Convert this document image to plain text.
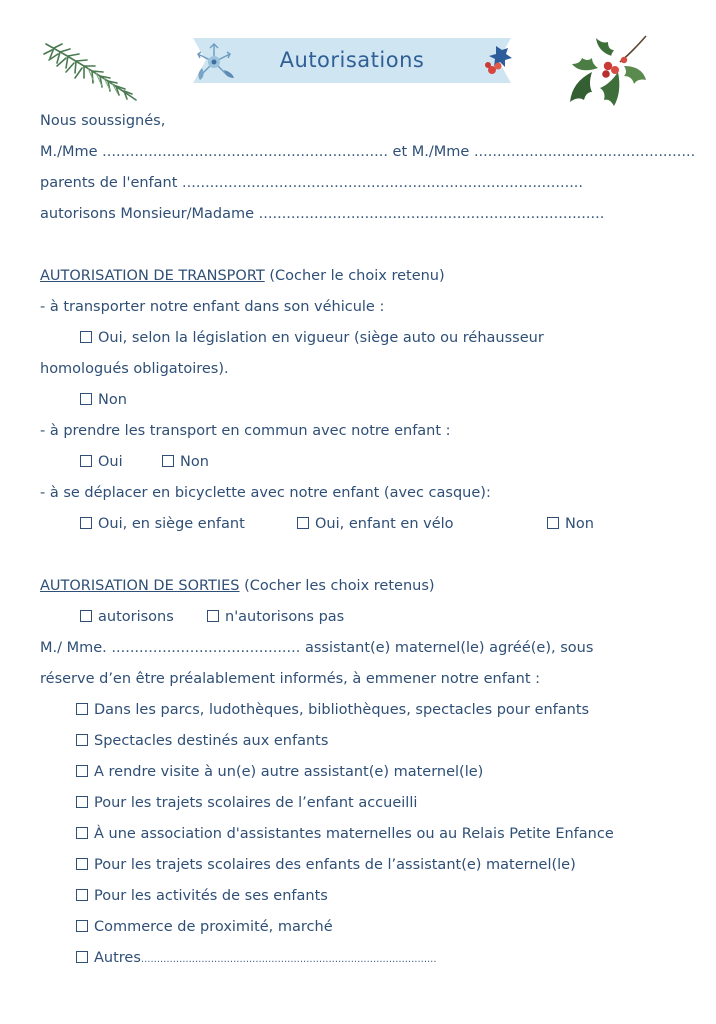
Autorisations
Nous soussignés,
M./Mme .............................................................. et M./Mme ................................................
parents de l'enfant .......................................................................................
autorisons Monsieur/Madame ...........................................................................
AUTORISATION DE TRANSPORT (Cocher le choix retenu)
- à transporter notre enfant dans son véhicule :
Oui, selon la législation en vigueur (siège auto ou réhausseur
homologués obligatoires).
Non
- à prendre les transport en commun avec notre enfant :
Oui	Non
- à se déplacer en bicyclette avec notre enfant (avec casque):
Oui, en siège enfant	Oui, enfant en vélo	Non
AUTORISATION DE SORTIES (Cocher les choix retenus)
autorisons	n'autorisons pas
M./ Mme. ......................................... assistant(e) maternel(le) agréé(e), sous
réserve d’en être préalablement informés, à emmener notre enfant :
Dans les parcs, ludothèques, bibliothèques, spectacles pour enfants
Spectacles destinés aux enfants
A rendre visite à un(e) autre assistant(e) maternel(le)
Pour les trajets scolaires de l’enfant accueilli
À une association d'assistantes maternelles ou au Relais Petite Enfance
Pour les trajets scolaires des enfants de l’assistant(e) maternel(le)
Pour les activités de ses enfants
Commerce de proximité, marché
Autres.............................................................................................
